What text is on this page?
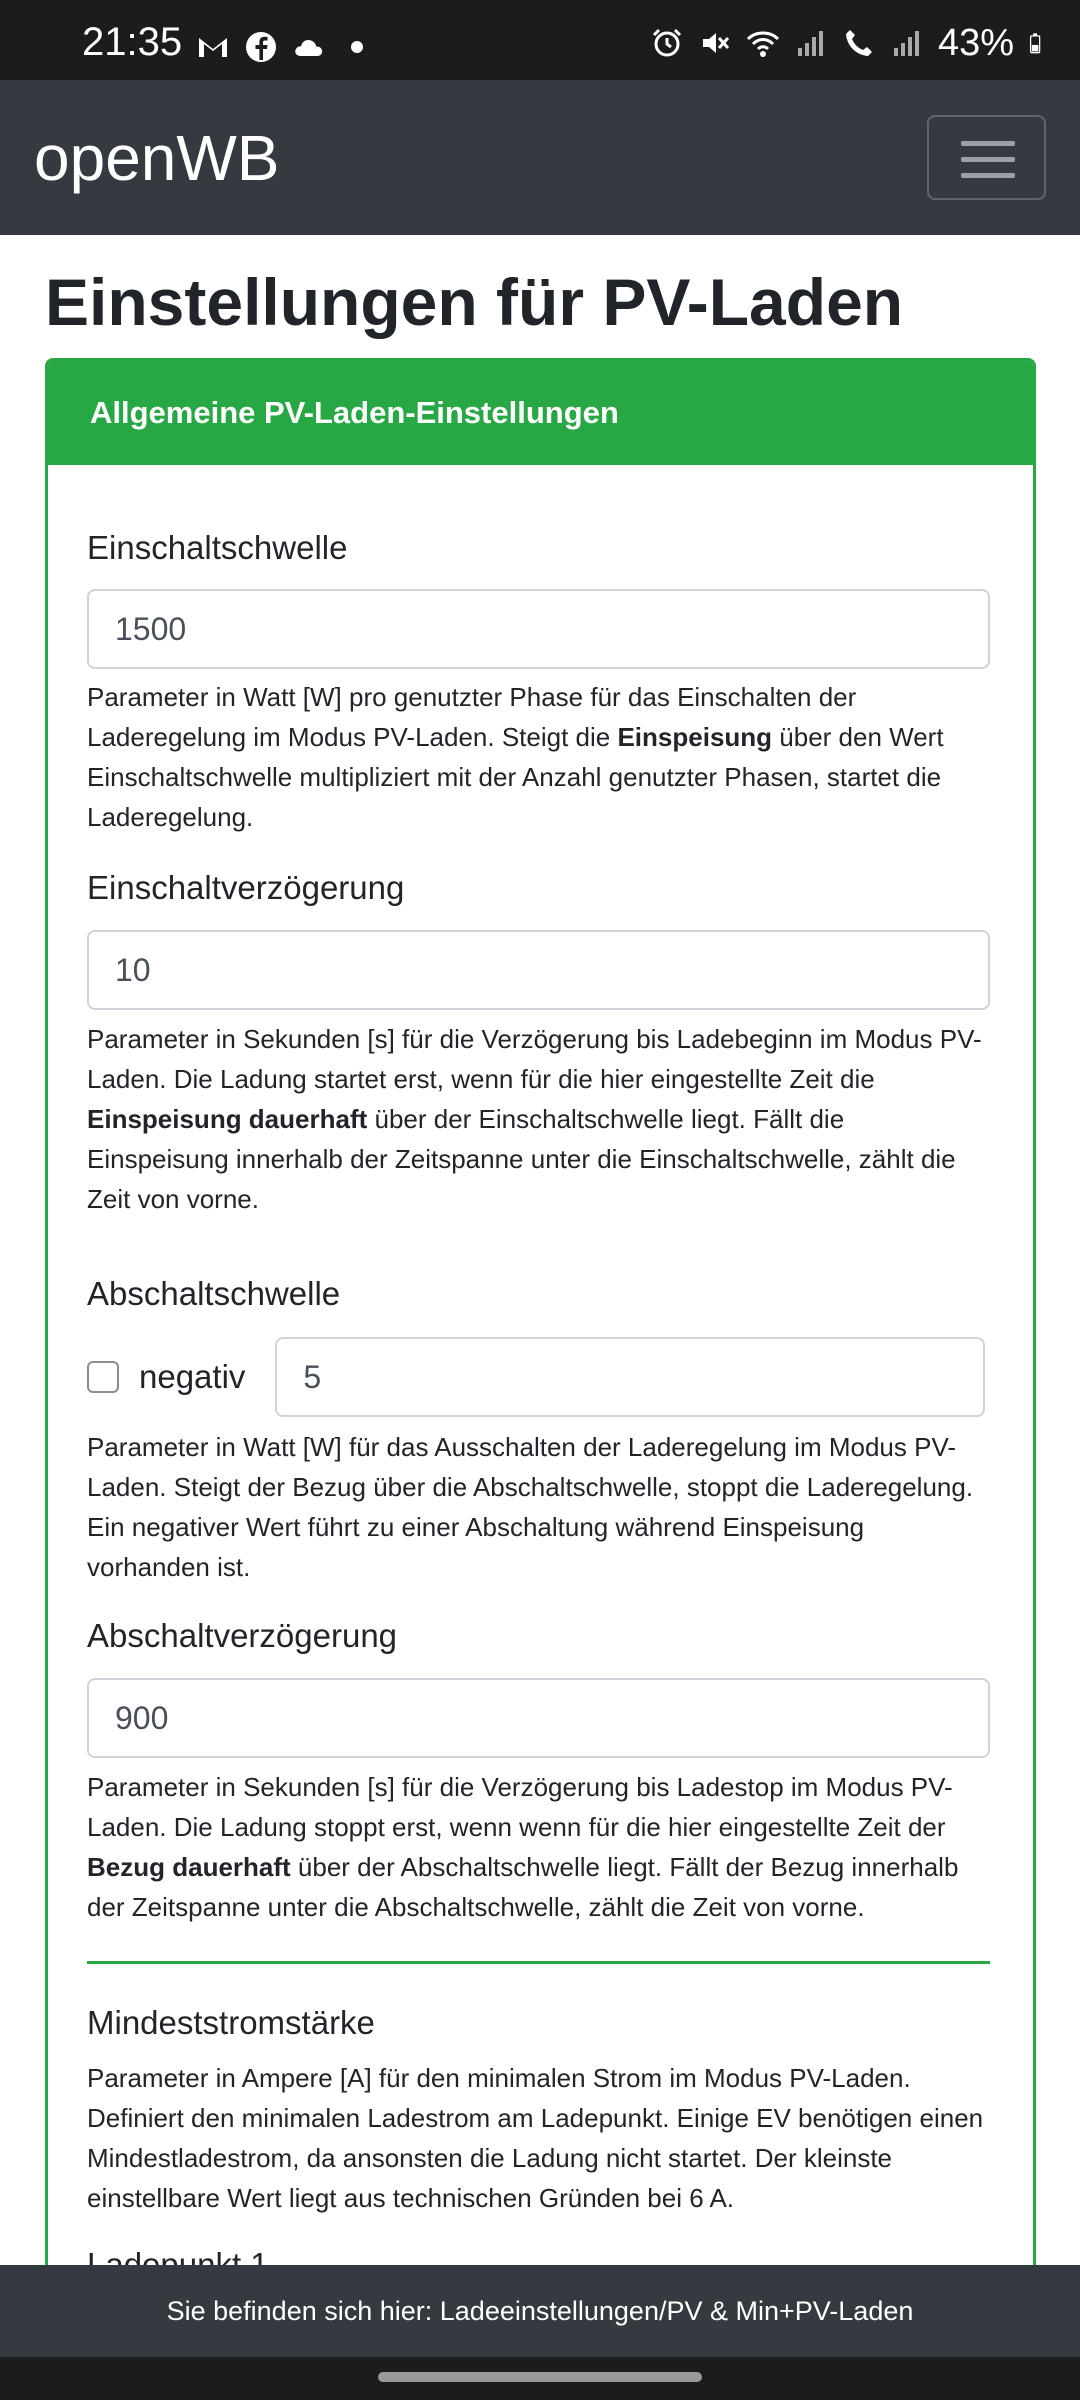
21:35	43%
openWB
Einstellungen für PV-Laden
Allgemeine PV-Laden-Einstellungen
Einschaltschwelle
1500
Parameter in Watt [W] pro genutzter Phase für das Einschalten der Laderegelung im Modus PV-Laden. Steigt die Einspeisung über den Wert Einschaltschwelle multipliziert mit der Anzahl genutzter Phasen, startet die Laderegelung.
Einschaltverzögerung
10
Parameter in Sekunden [s] für die Verzögerung bis Ladebeginn im Modus PV-Laden. Die Ladung startet erst, wenn für die hier eingestellte Zeit die Einspeisung dauerhaft über der Einschaltschwelle liegt. Fällt die Einspeisung innerhalb der Zeitspanne unter die Einschaltschwelle, zählt die Zeit von vorne.
Abschaltschwelle
negativ
5
Parameter in Watt [W] für das Ausschalten der Laderegelung im Modus PV-Laden. Steigt der Bezug über die Abschaltschwelle, stoppt die Laderegelung. Ein negativer Wert führt zu einer Abschaltung während Einspeisung vorhanden ist.
Abschaltverzögerung
900
Parameter in Sekunden [s] für die Verzögerung bis Ladestop im Modus PV-Laden. Die Ladung stoppt erst, wenn wenn für die hier eingestellte Zeit der Bezug dauerhaft über der Abschaltschwelle liegt. Fällt der Bezug innerhalb der Zeitspanne unter die Abschaltschwelle, zählt die Zeit von vorne.
Mindeststromstärke
Parameter in Ampere [A] für den minimalen Strom im Modus PV-Laden. Definiert den minimalen Ladestrom am Ladepunkt. Einige EV benötigen einen Mindestladestrom, da ansonsten die Ladung nicht startet. Der kleinste einstellbare Wert liegt aus technischen Gründen bei 6 A.
Sie befinden sich hier: Ladeeinstellungen/PV & Min+PV-Laden
